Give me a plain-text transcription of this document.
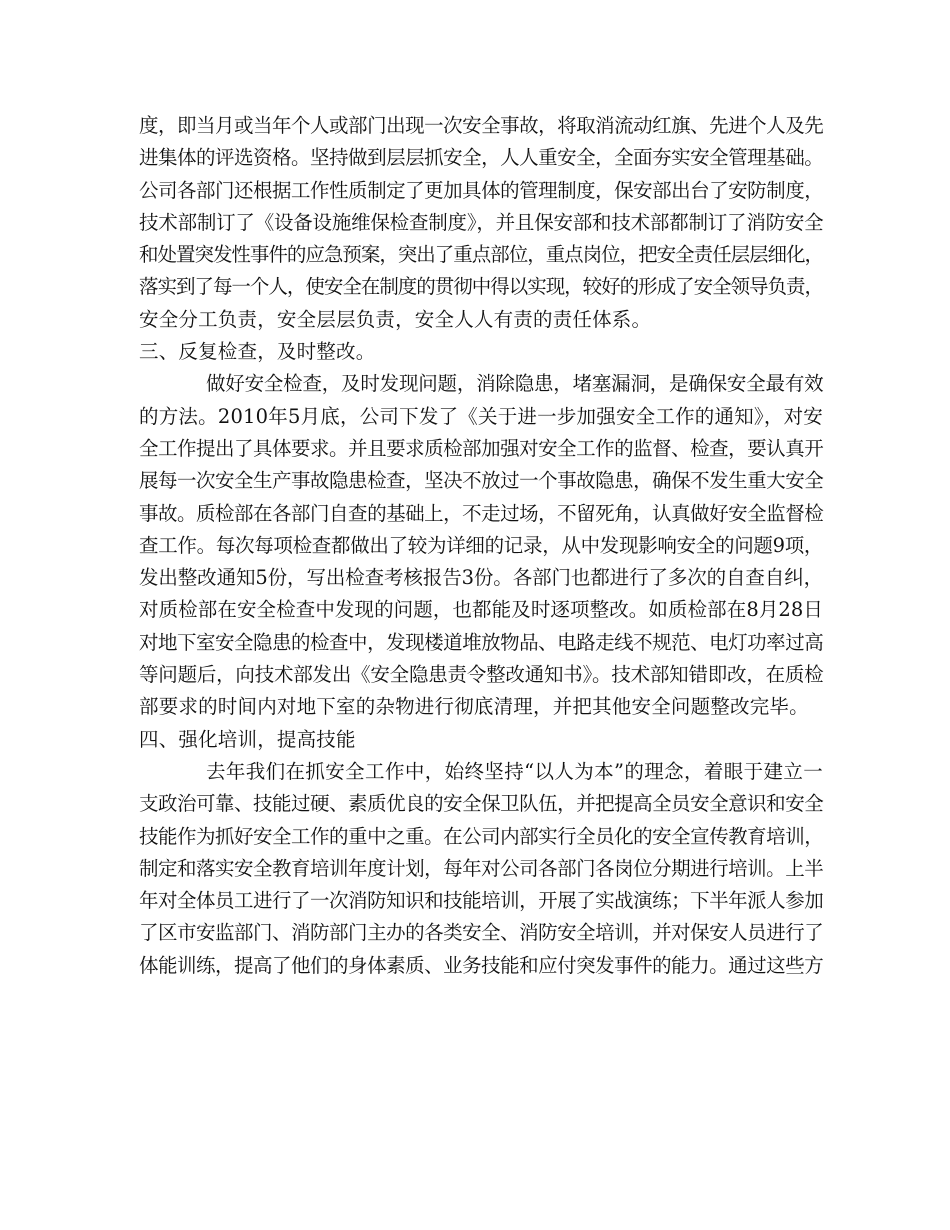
度，即当月或当年个人或部门出现一次安全事故，将取消流动红旗、先进个人及先
进集体的评选资格。坚持做到层层抓安全，人人重安全，全面夯实安全管理基础。
公司各部门还根据工作性质制定了更加具体的管理制度，保安部出台了安防制度，
技术部制订了《设备设施维保检查制度》，并且保安部和技术部都制订了消防安全
和处置突发性事件的应急预案，突出了重点部位，重点岗位，把安全责任层层细化，
落实到了每一个人，使安全在制度的贯彻中得以实现，较好的形成了安全领导负责，
安全分工负责，安全层层负责，安全人人有责的责任体系。
三、反复检查，及时整改。
做好安全检查，及时发现问题，消除隐患，堵塞漏洞，是确保安全最有效
的方法。2010年5月底，公司下发了《关于进一步加强安全工作的通知》，对安
全工作提出了具体要求。并且要求质检部加强对安全工作的监督、检查，要认真开
展每一次安全生产事故隐患检查，坚决不放过一个事故隐患，确保不发生重大安全
事故。质检部在各部门自查的基础上，不走过场，不留死角，认真做好安全监督检
查工作。每次每项检查都做出了较为详细的记录，从中发现影响安全的问题9项，
发出整改通知5份，写出检查考核报告3份。各部门也都进行了多次的自查自纠，
对质检部在安全检查中发现的问题，也都能及时逐项整改。如质检部在8月28日
对地下室安全隐患的检查中，发现楼道堆放物品、电路走线不规范、电灯功率过高
等问题后，向技术部发出《安全隐患责令整改通知书》。技术部知错即改，在质检
部要求的时间内对地下室的杂物进行彻底清理，并把其他安全问题整改完毕。
四、强化培训，提高技能
去年我们在抓安全工作中，始终坚持“以人为本”的理念，着眼于建立一
支政治可靠、技能过硬、素质优良的安全保卫队伍，并把提高全员安全意识和安全
技能作为抓好安全工作的重中之重。在公司内部实行全员化的安全宣传教育培训，
制定和落实安全教育培训年度计划，每年对公司各部门各岗位分期进行培训。上半
年对全体员工进行了一次消防知识和技能培训，开展了实战演练；下半年派人参加
了区市安监部门、消防部门主办的各类安全、消防安全培训，并对保安人员进行了
体能训练，提高了他们的身体素质、业务技能和应付突发事件的能力。通过这些方
